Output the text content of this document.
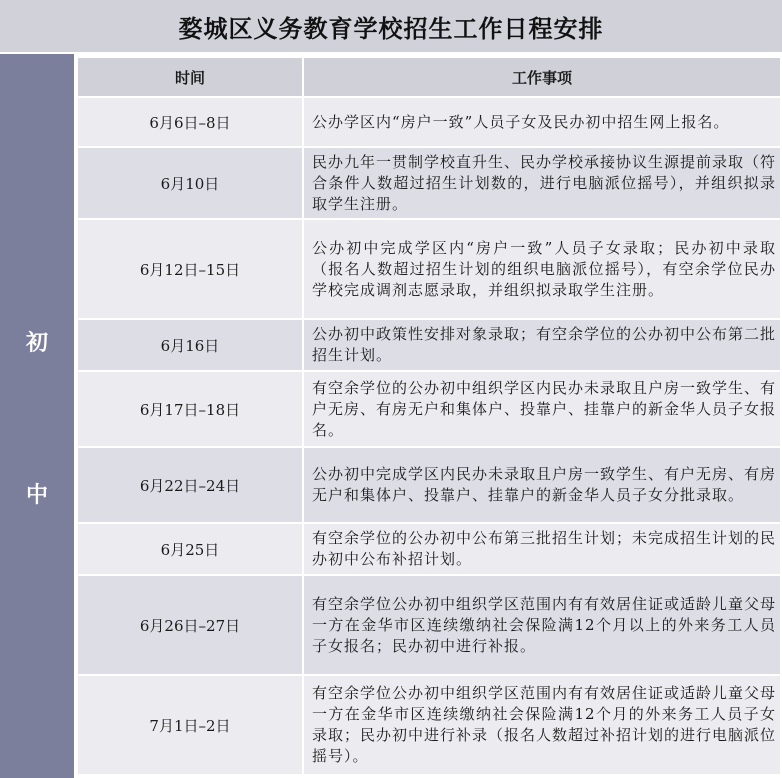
婺城区义务教育学校招生工作日程安排
初
中
时间	工作事项
6月6日–8日	公办学区内“房户一致”人员子女及民办初中招生网上报名。
6月10日	民办九年一贯制学校直升生、民办学校承接协议生源提前录取（符合条件人数超过招生计划数的，进行电脑派位摇号），并组织拟录取学生注册。
6月12日–15日	公办初中完成学区内“房户一致”人员子女录取；民办初中录取（报名人数超过招生计划的组织电脑派位摇号），有空余学位民办学校完成调剂志愿录取，并组织拟录取学生注册。
6月16日	公办初中政策性安排对象录取；有空余学位的公办初中公布第二批招生计划。
6月17日–18日	有空余学位的公办初中组织学区内民办未录取且户房一致学生、有户无房、有房无户和集体户、投靠户、挂靠户的新金华人员子女报名。
6月22日–24日	公办初中完成学区内民办未录取且户房一致学生、有户无房、有房无户和集体户、投靠户、挂靠户的新金华人员子女分批录取。
6月25日	有空余学位的公办初中公布第三批招生计划；未完成招生计划的民办初中公布补招计划。
6月26日–27日	有空余学位公办初中组织学区范围内有有效居住证或适龄儿童父母一方在金华市区连续缴纳社会保险满12个月以上的外来务工人员子女报名；民办初中进行补报。
7月1日–2日	有空余学位公办初中组织学区范围内有有效居住证或适龄儿童父母一方在金华市区连续缴纳社会保险满12个月的外来务工人员子女录取；民办初中进行补录（报名人数超过补招计划的进行电脑派位摇号）。
